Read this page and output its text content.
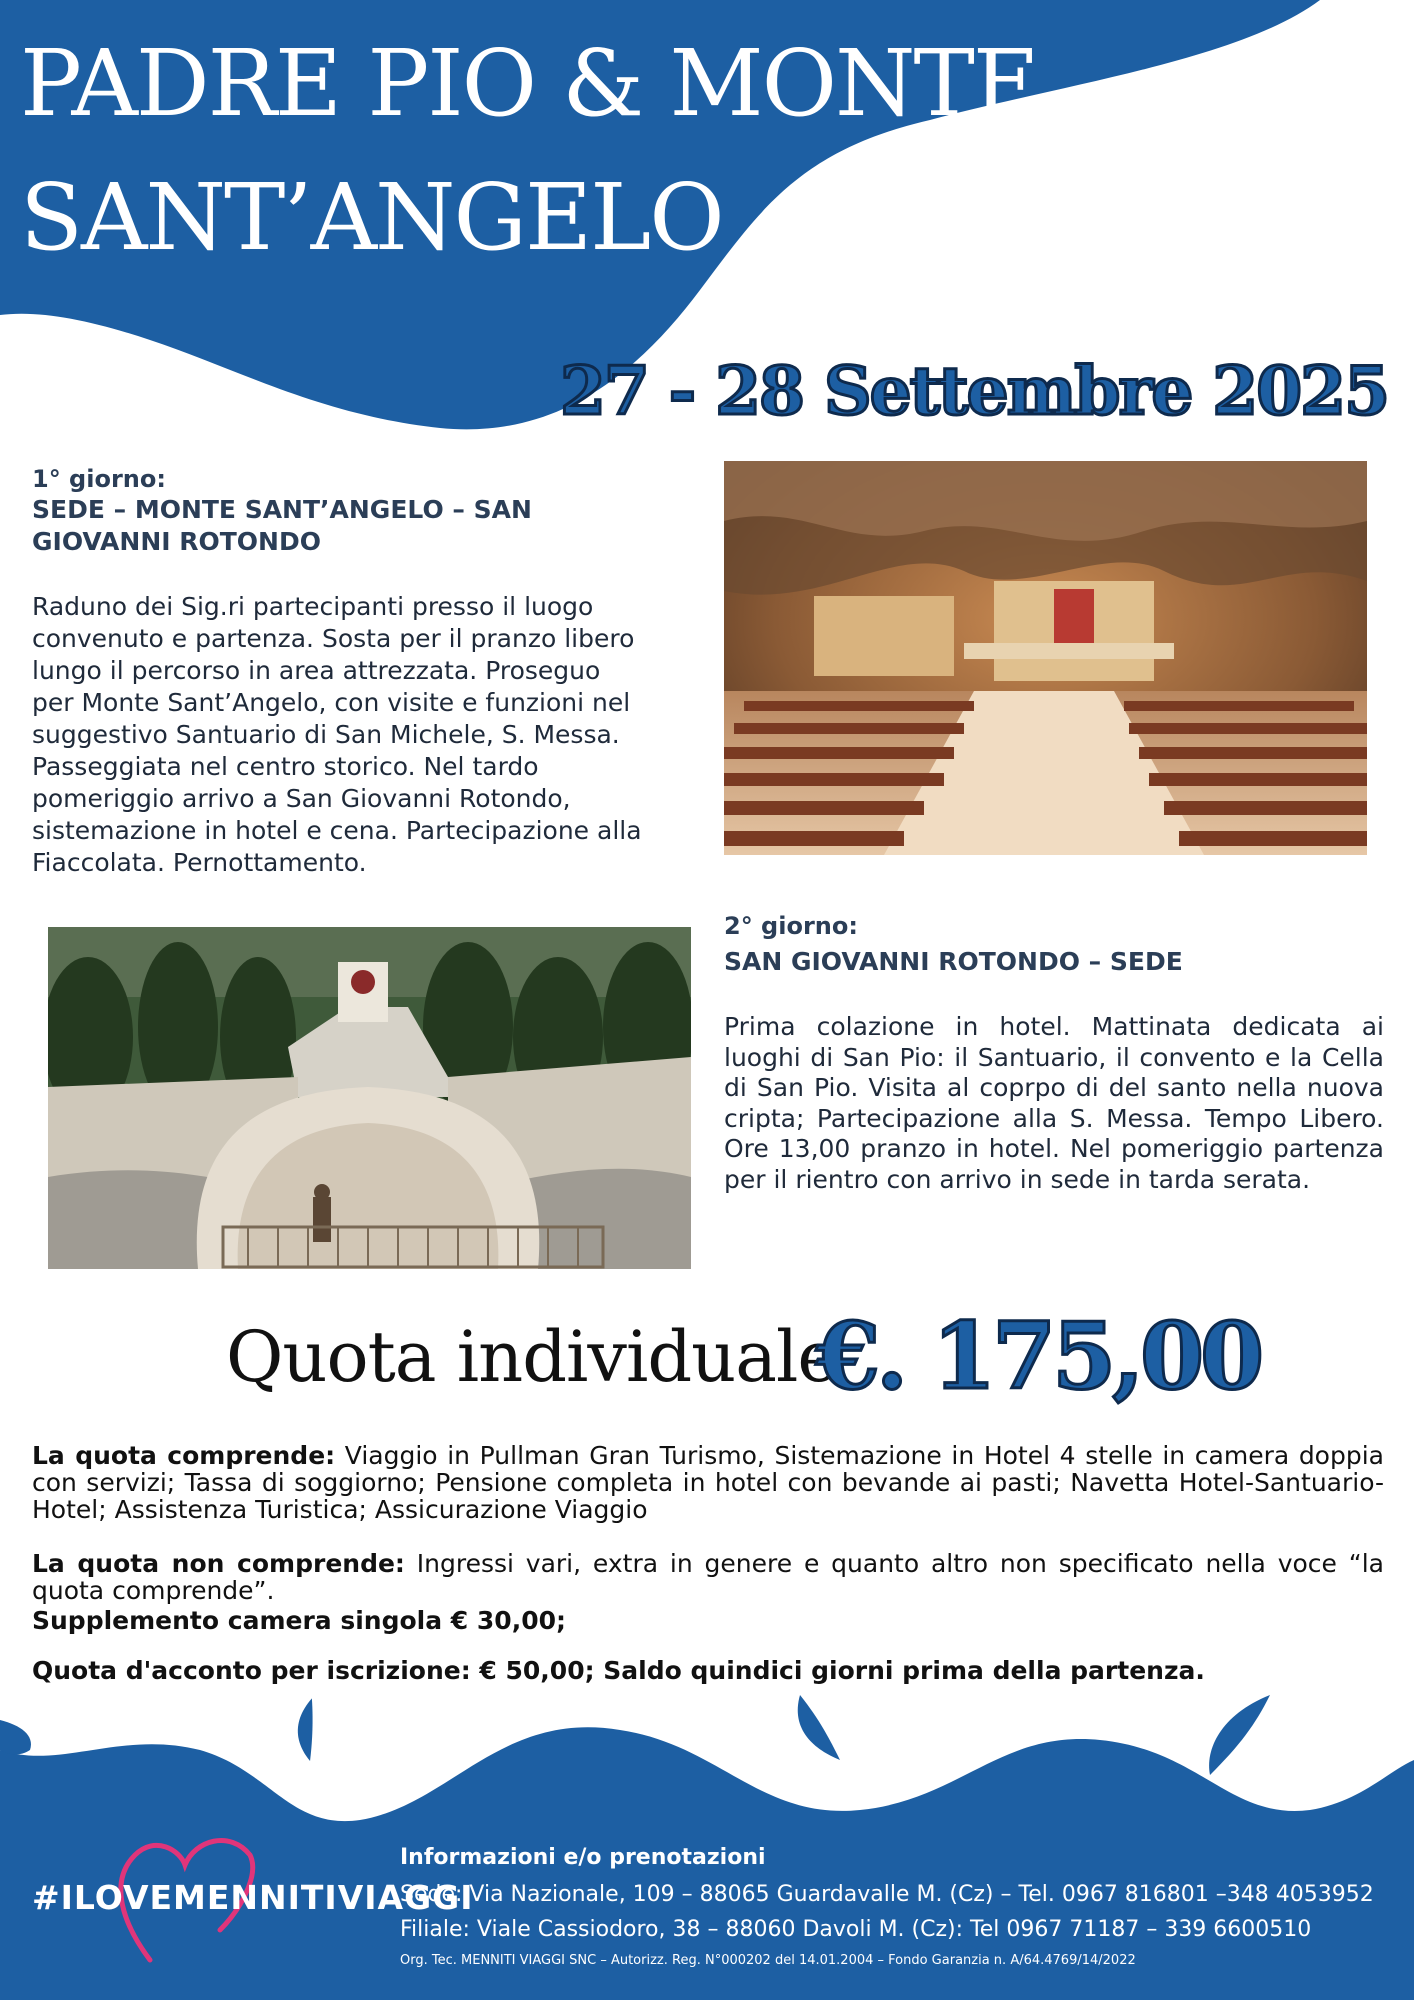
PADRE PIO & MONTE
SANT’ANGELO
27 - 28 Settembre 2025
1° giorno:
SEDE – MONTE SANT’ANGELO – SAN
GIOVANNI ROTONDO
Raduno dei Sig.ri partecipanti presso il luogo
convenuto e partenza. Sosta per il pranzo libero
lungo il percorso in area attrezzata. Proseguo
per Monte Sant’Angelo, con visite e funzioni nel
suggestivo Santuario di San Michele, S. Messa.
Passeggiata nel centro storico. Nel tardo
pomeriggio arrivo a San Giovanni Rotondo,
sistemazione in hotel e cena. Partecipazione alla
Fiaccolata. Pernottamento.
2° giorno:
SAN GIOVANNI ROTONDO – SEDE
Prima colazione in hotel. Mattinata dedicata ai luoghi di San Pio: il Santuario, il convento e la Cella di San Pio. Visita al coprpo di del santo nella nuova cripta; Partecipazione alla S. Messa. Tempo Libero. Ore 13,00 pranzo in hotel. Nel pomeriggio partenza per il rientro con arrivo in sede in tarda serata.
Quota individuale
€. 175,00
La quota comprende: Viaggio in Pullman Gran Turismo, Sistemazione in Hotel 4 stelle in camera doppia con servizi; Tassa di soggiorno; Pensione completa in hotel con bevande ai pasti; Navetta Hotel-Santuario-Hotel; Assistenza Turistica; Assicurazione Viaggio
La quota non comprende: Ingressi vari, extra in genere e quanto altro non specificato nella voce “la quota comprende”.
Supplemento camera singola € 30,00;
Quota d'acconto per iscrizione: € 50,00; Saldo quindici giorni prima della partenza.
#ILOVEMENNITIVIAGGI
Informazioni e/o prenotazioni
Sede: Via Nazionale, 109 – 88065 Guardavalle M. (Cz) – Tel. 0967 816801 –348 4053952
Filiale: Viale Cassiodoro, 38 – 88060 Davoli M. (Cz): Tel 0967 71187 – 339 6600510
Org. Tec. MENNITI VIAGGI SNC – Autorizz. Reg. N°000202 del 14.01.2004 – Fondo Garanzia n. A/64.4769/14/2022
